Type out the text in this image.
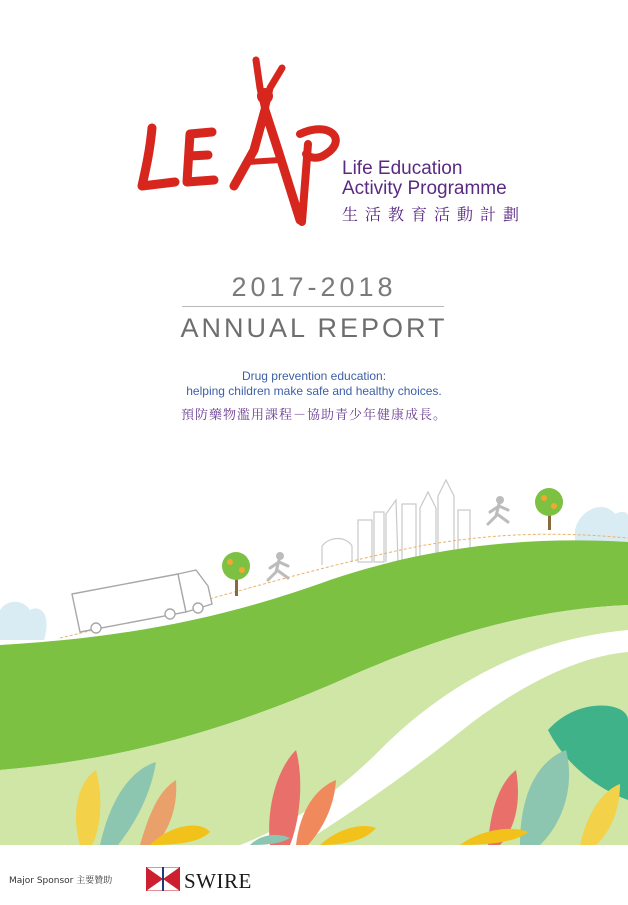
Life Education
Activity Programme
生活教育活動計劃
2017-2018
ANNUAL REPORT
Drug prevention education:
helping children make safe and healthy choices.
預防藥物濫用課程－協助青少年健康成長。
Major Sponsor 主要贊助	SWIRE
